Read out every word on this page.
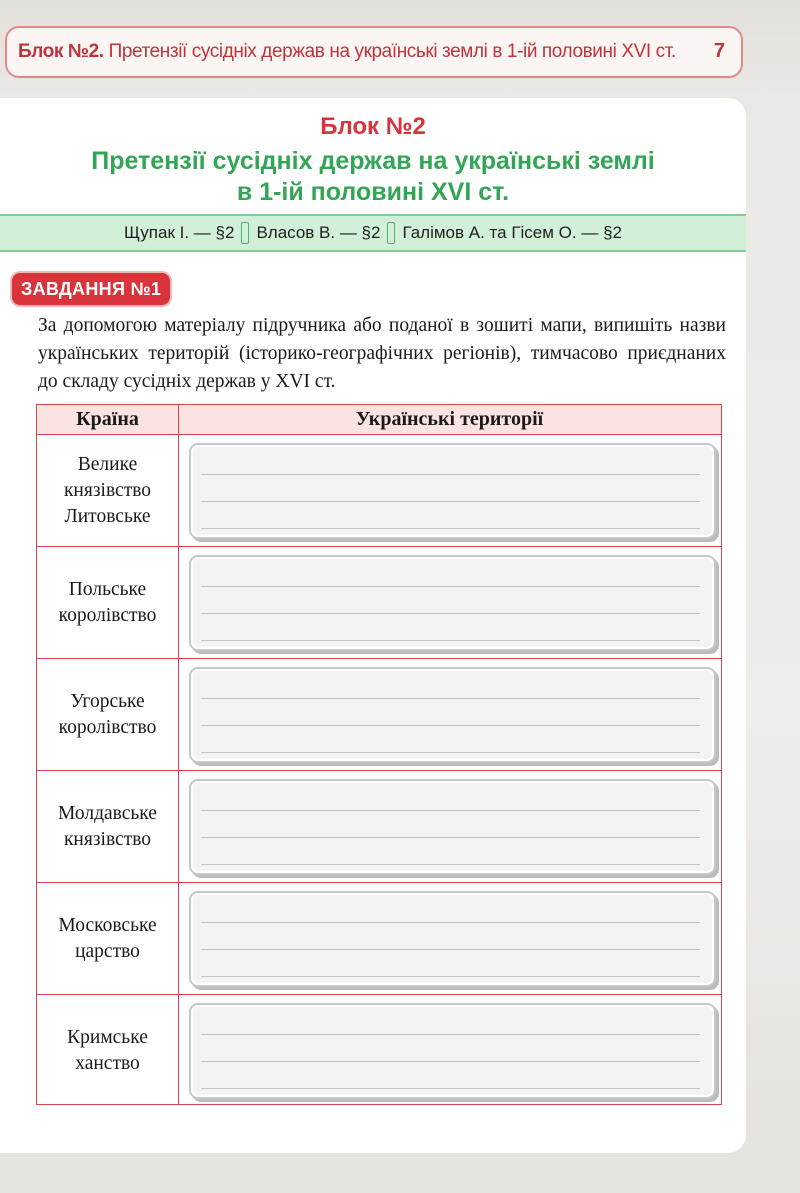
Блок №2. Претензії сусідніх держав на українські землі в 1-ій половині XVI ст. 7
Блок №2
Претензії сусідніх держав на українські землі
в 1-ій половині XVI ст.
Щупак І. — §2 Власов В. — §2 Галімов А. та Гісем О. — §2
ЗАВДАННЯ №1
За допомогою матеріалу підручника або поданої в зошиті мапи, випишіть назви українських територій (історико-географічних регіонів), тимчасово приєднаних до складу сусідніх держав у XVI ст.
Країна	Українські території
Велике князівство Литовське
Польське королівство
Угорське королівство
Молдавське князівство
Московське царство
Кримське ханство
